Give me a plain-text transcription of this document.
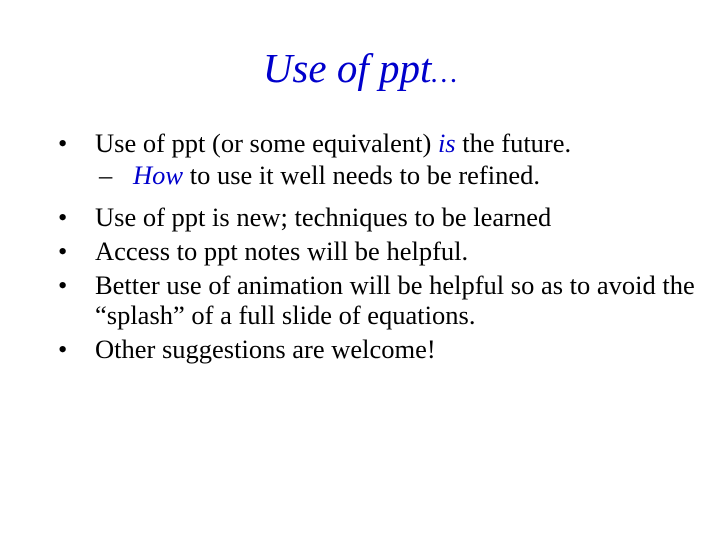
Use of ppt…
• Use of ppt (or some equivalent) is the future.
– How to use it well needs to be refined.
• Use of ppt is new; techniques to be learned
• Access to ppt notes will be helpful.
• Better use of animation will be helpful so as to avoid the “splash” of a full slide of equations.
• Other suggestions are welcome!
